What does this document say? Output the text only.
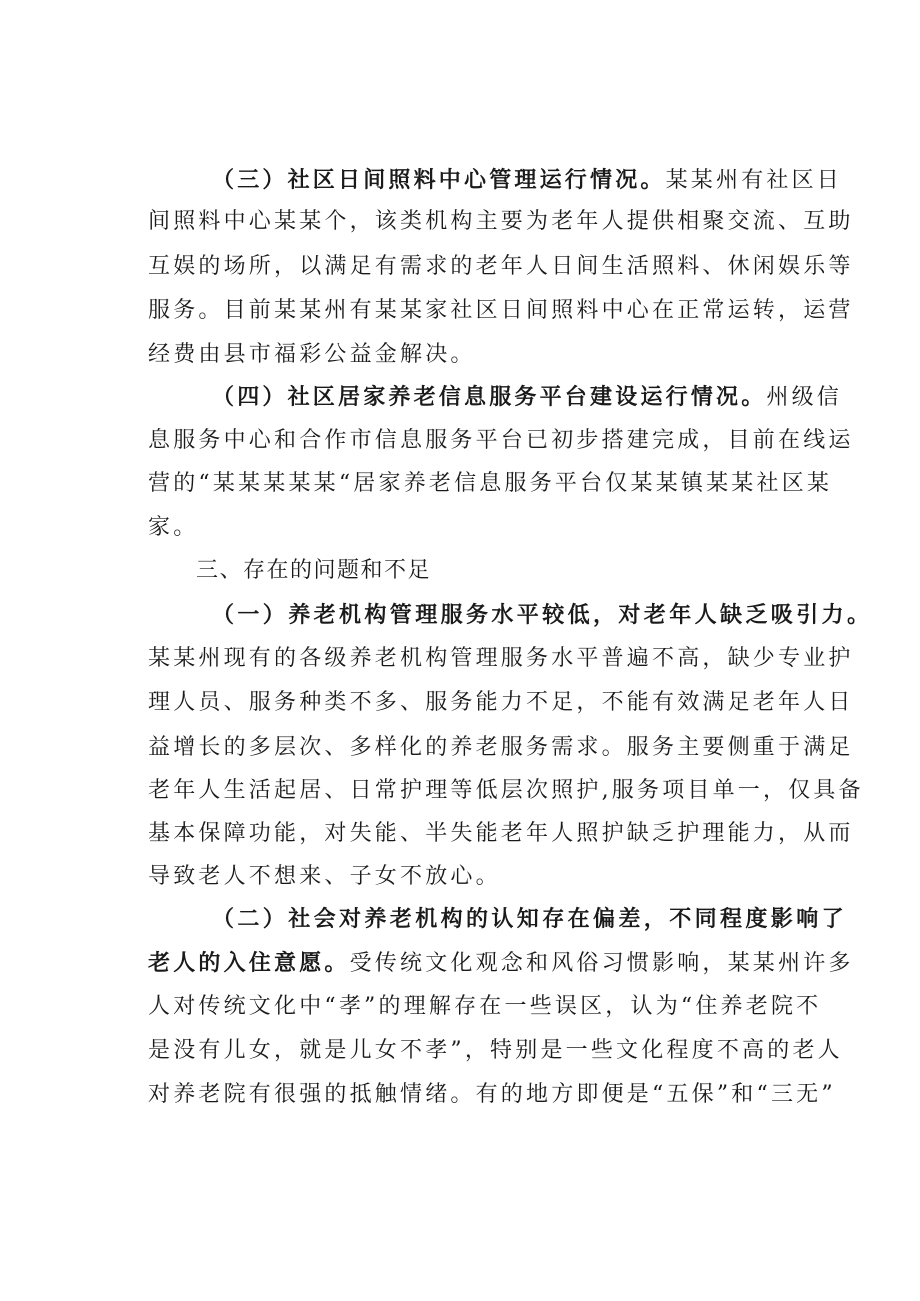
（三）社区日间照料中心管理运行情况。某某州有社区日
间照料中心某某个，该类机构主要为老年人提供相聚交流、互助
互娱的场所，以满足有需求的老年人日间生活照料、休闲娱乐等
服务。目前某某州有某某家社区日间照料中心在正常运转，运营
经费由县市福彩公益金解决。
（四）社区居家养老信息服务平台建设运行情况。州级信
息服务中心和合作市信息服务平台已初步搭建完成，目前在线运
营的“某某某某某“居家养老信息服务平台仅某某镇某某社区某
家。
三、存在的问题和不足
（一）养老机构管理服务水平较低，对老年人缺乏吸引力。
某某州现有的各级养老机构管理服务水平普遍不高，缺少专业护
理人员、服务种类不多、服务能力不足，不能有效满足老年人日
益增长的多层次、多样化的养老服务需求。服务主要侧重于满足
老年人生活起居、日常护理等低层次照护,服务项目单一，仅具备
基本保障功能，对失能、半失能老年人照护缺乏护理能力，从而
导致老人不想来、子女不放心。
（二）社会对养老机构的认知存在偏差，不同程度影响了
老人的入住意愿。受传统文化观念和风俗习惯影响，某某州许多
人对传统文化中“孝”的理解存在一些误区，认为“住养老院不
是没有儿女，就是儿女不孝”，特别是一些文化程度不高的老人
对养老院有很强的抵触情绪。有的地方即便是“五保”和“三无”
